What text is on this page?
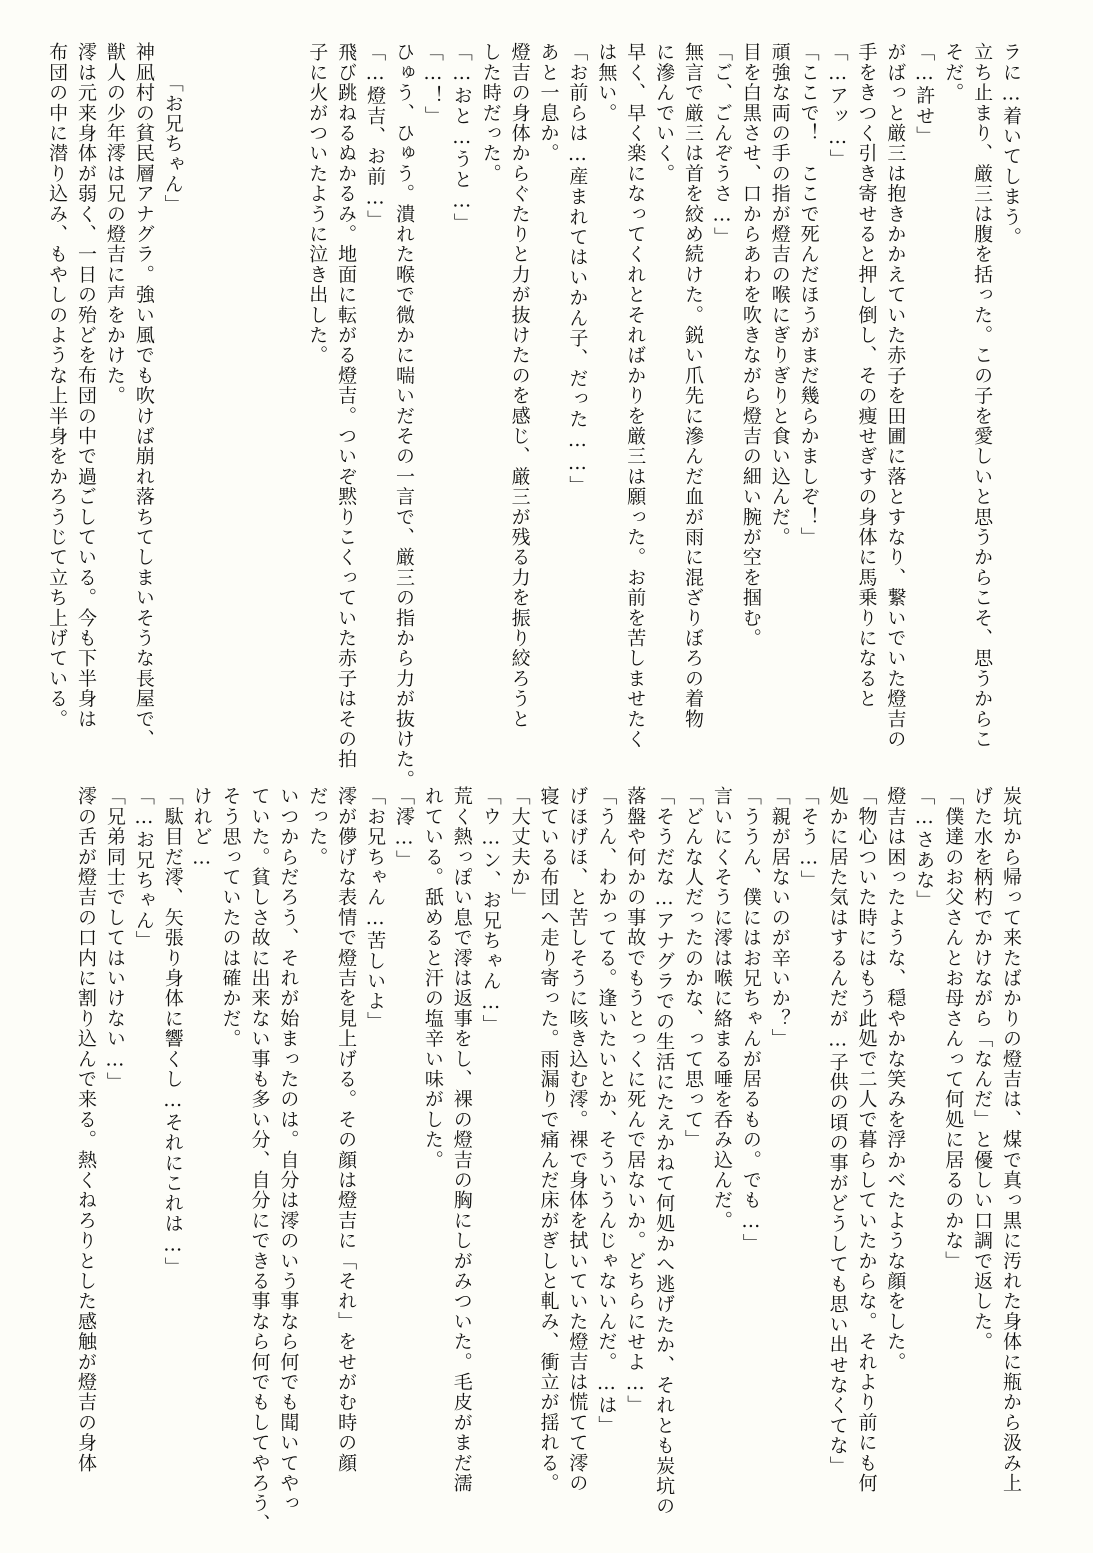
ラに…着いてしまう。
立ち止まり、厳三は腹を括った。この子を愛しいと思うからこそ、思うからこ
そだ。
「…許せ」
がばっと厳三は抱きかかえていた赤子を田圃に落とすなり、繋いでいた燈吉の
手をきつく引き寄せると押し倒し、その痩せぎすの身体に馬乗りになると
「…アッ…」
「ここで！　ここで死んだほうがまだ幾らかましぞ！」
頑強な両の手の指が燈吉の喉にぎりぎりと食い込んだ。
目を白黒させ、口からあわを吹きながら燈吉の細い腕が空を掴む。
「ご、ごんぞうさ…」
無言で厳三は首を絞め続けた。鋭い爪先に滲んだ血が雨に混ざりぼろの着物
に滲んでいく。
早く、早く楽になってくれとそればかりを厳三は願った。お前を苦しませたく
は無い。
「お前らは…産まれてはいかん子、だった……」
あと一息か。
燈吉の身体からぐたりと力が抜けたのを感じ、厳三が残る力を振り絞ろうと
した時だった。
「…おと…うと…」
「…！」
ひゅう、ひゅう。潰れた喉で微かに喘いだその一言で、厳三の指から力が抜けた。
「…燈吉、お前…」
飛び跳ねるぬかるみ。地面に転がる燈吉。ついぞ黙りこくっていた赤子はその拍
子に火がついたように泣き出した。

　　「お兄ちゃん」
神凪村の貧民層アナグラ。強い風でも吹けば崩れ落ちてしまいそうな長屋で、
獣人の少年澪は兄の燈吉に声をかけた。
澪は元来身体が弱く、一日の殆どを布団の中で過ごしている。今も下半身は
布団の中に潜り込み、もやしのような上半身をかろうじて立ち上げている。
炭坑から帰って来たばかりの燈吉は、煤で真っ黒に汚れた身体に瓶から汲み上
げた水を柄杓でかけながら「なんだ」と優しい口調で返した。
「僕達のお父さんとお母さんって何処に居るのかな」
「…さあな」
燈吉は困ったような、穏やかな笑みを浮かべたような顔をした。
「物心ついた時にはもう此処で二人で暮らしていたからな。それより前にも何
処かに居た気はするんだが…子供の頃の事がどうしても思い出せなくてな」
「そう…」
「親が居ないのが辛いか？」
「ううん、僕にはお兄ちゃんが居るもの。でも…」
言いにくそうに澪は喉に絡まる唾を呑み込んだ。
「どんな人だったのかな、って思って」
「そうだな…アナグラでの生活にたえかねて何処かへ逃げたか、それとも炭坑の
落盤や何かの事故でもうとっくに死んで居ないか。どちらにせよ…」
「うん、わかってる。逢いたいとか、そういうんじゃないんだ。…は」
げほげほ、と苦しそうに咳き込む澪。裸で身体を拭いていた燈吉は慌てて澪の
寝ている布団へ走り寄った。雨漏りで痛んだ床がぎしと軋み、衝立が揺れる。
「大丈夫か」
「ウ…ン、お兄ちゃん…」
荒く熱っぽい息で澪は返事をし、裸の燈吉の胸にしがみついた。毛皮がまだ濡
れている。舐めると汗の塩辛い味がした。
「澪…」
「お兄ちゃん…苦しいよ」
澪が儚げな表情で燈吉を見上げる。その顔は燈吉に「それ」をせがむ時の顔
だった。
いつからだろう、それが始まったのは。自分は澪のいう事なら何でも聞いてやっ
ていた。貧しさ故に出来ない事も多い分、自分にできる事なら何でもしてやろう、
そう思っていたのは確かだ。
けれど…
「駄目だ澪、矢張り身体に響くし…それにこれは…」
「…お兄ちゃん」
「兄弟同士でしてはいけない…」
澪の舌が燈吉の口内に割り込んで来る。熱くねろりとした感触が燈吉の身体
